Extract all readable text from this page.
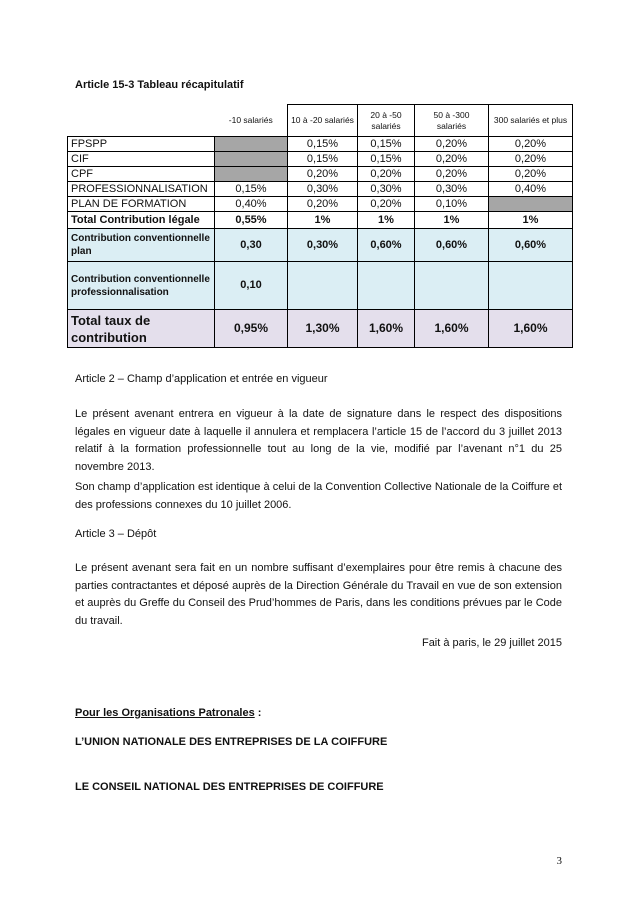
Article 15-3 Tableau récapitulatif
	-10 salariés	10 à -20 salariés	20 à -50 salariés	50 à -300 salariés	300 salariés et plus
FPSPP		0,15%	0,15%	0,20%	0,20%
CIF		0,15%	0,15%	0,20%	0,20%
CPF		0,20%	0,20%	0,20%	0,20%
PROFESSIONNALISATION	0,15%	0,30%	0,30%	0,30%	0,40%
PLAN DE FORMATION	0,40%	0,20%	0,20%	0,10%	
Total Contribution légale	0,55%	1%	1%	1%	1%
Contribution conventionnelle plan	0,30	0,30%	0,60%	0,60%	0,60%
Contribution conventionnelle professionnalisation	0,10				
Total taux de contribution	0,95%	1,30%	1,60%	1,60%	1,60%
Article 2 – Champ d’application et entrée en vigueur
Le présent avenant entrera en vigueur à la date de signature dans le respect des dispositions légales en vigueur date à laquelle il annulera et remplacera l’article 15 de l’accord du 3 juillet 2013 relatif à la formation professionnelle tout au long de la vie, modifié par l’avenant n°1 du 25 novembre 2013.
Son champ d’application est identique à celui de la Convention Collective Nationale de la Coiffure et des professions connexes du 10 juillet 2006.
Article 3 – Dépôt
Le présent avenant sera fait en un nombre suffisant d’exemplaires pour être remis à chacune des parties contractantes et déposé auprès de la Direction Générale du Travail en vue de son extension et auprès du Greffe du Conseil des Prud’hommes de Paris, dans les conditions prévues par le Code du travail.
Fait à paris, le 29 juillet 2015
Pour les Organisations Patronales :
L’UNION NATIONALE DES ENTREPRISES DE LA COIFFURE
LE CONSEIL NATIONAL DES ENTREPRISES DE COIFFURE
3
